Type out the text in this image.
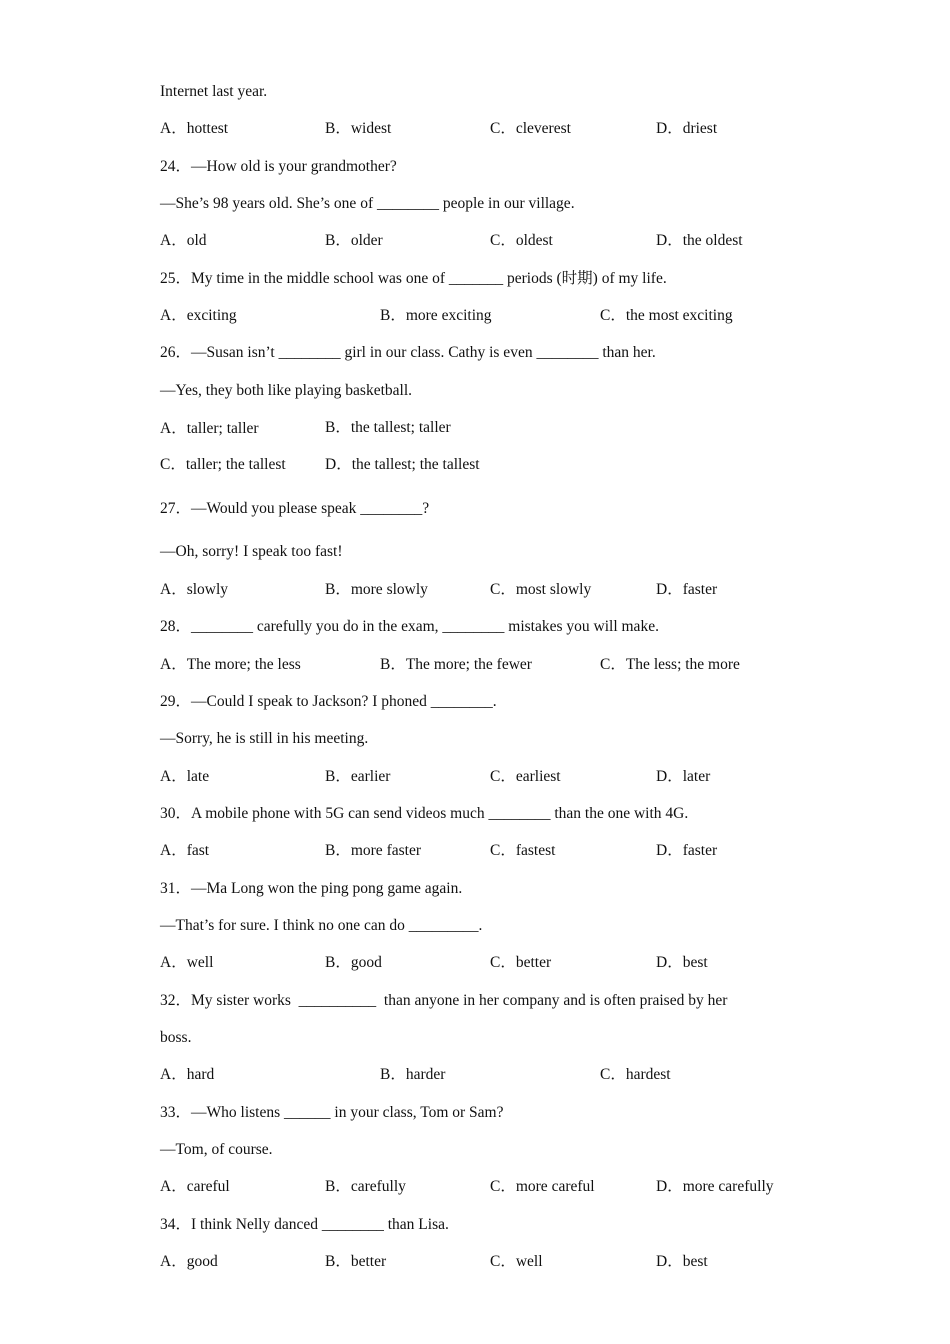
Internet last year.
A．hottest	B．widest	C．cleverest	D．driest
24．—How old is your grandmother?
—She’s 98 years old. She’s one of ________ people in our village.
A．old	B．older	C．oldest	D．the oldest
25．My time in the middle school was one of _______ periods (时期) of my life.
A．exciting	B．more exciting	C．the most exciting
26．—Susan isn’t ________ girl in our class. Cathy is even ________ than her.
—Yes, they both like playing basketball.
A．taller; taller	B．the tallest; taller
C．taller; the tallest	D．the tallest; the tallest
27．—Would you please speak ________?
—Oh, sorry! I speak too fast!
A．slowly	B．more slowly	C．most slowly	D．faster
28．________ carefully you do in the exam, ________ mistakes you will make.
A．The more; the less	B．The more; the fewer	C．The less; the more
29．—Could I speak to Jackson? I phoned ________.
—Sorry, he is still in his meeting.
A．late	B．earlier	C．earliest	D．later
30．A mobile phone with 5G can send videos much ________ than the one with 4G.
A．fast	B．more faster	C．fastest	D．faster
31．—Ma Long won the ping pong game again.
—That’s for sure. I think no one can do _________.
A．well	B．good	C．better	D．best
32．My sister works  __________  than anyone in her company and is often praised by her
boss.
A．hard	B．harder	C．hardest
33．—Who listens ______ in your class, Tom or Sam?
—Tom, of course.
A．careful	B．carefully	C．more careful	D．more carefully
34．I think Nelly danced ________ than Lisa.
A．good	B．better	C．well	D．best
